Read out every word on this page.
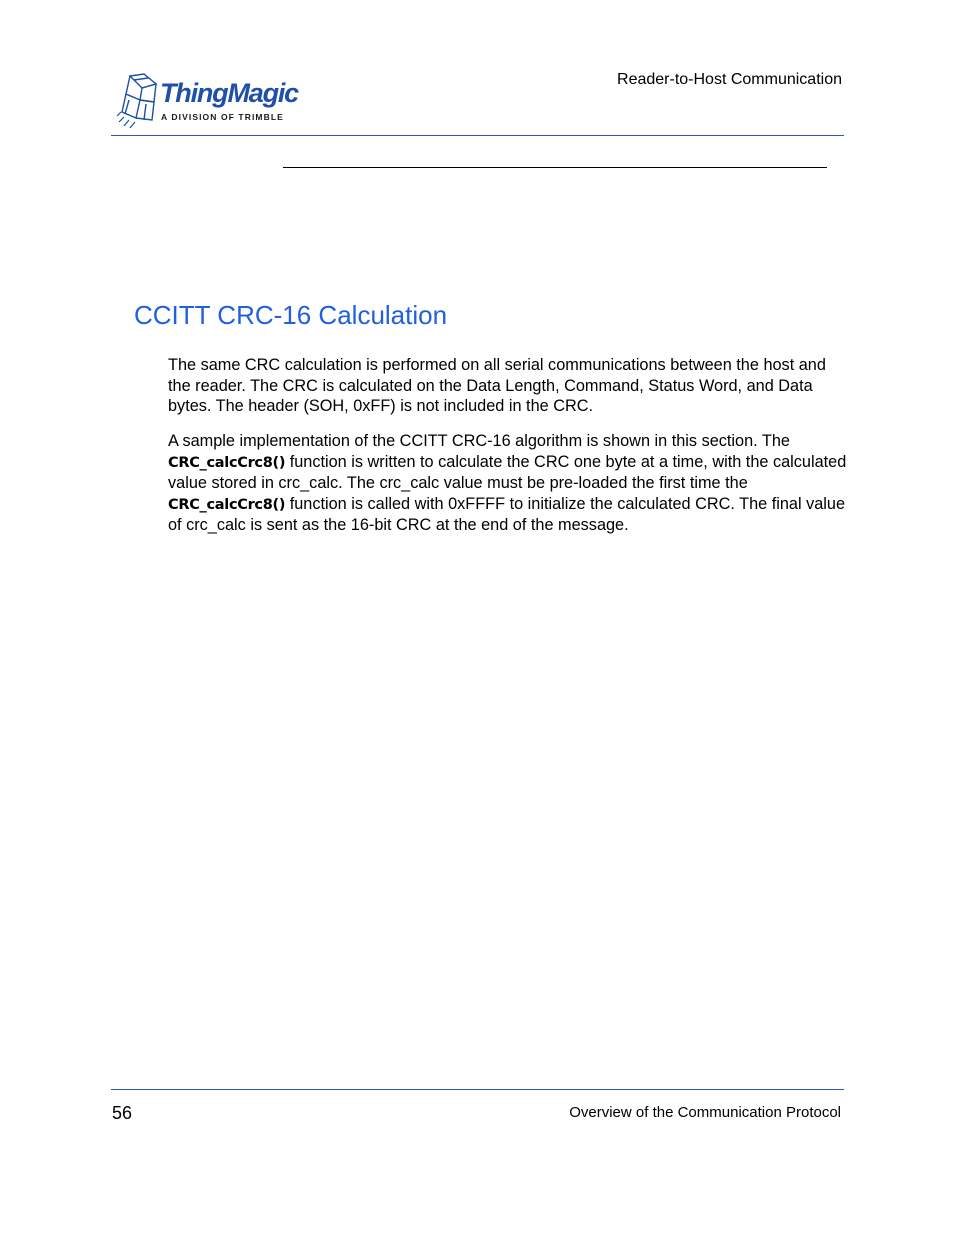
ThingMagic
A DIVISION OF TRIMBLE
Reader-to-Host Communication
CCITT CRC-16 Calculation

The same CRC calculation is performed on all serial communications between the host and the reader. The CRC is calculated on the Data Length, Command, Status Word, and Data bytes. The header (SOH, 0xFF) is not included in the CRC.

A sample implementation of the CCITT CRC-16 algorithm is shown in this section. The CRC_calcCrc8() function is written to calculate the CRC one byte at a time, with the calculated value stored in crc_calc. The crc_calc value must be pre-loaded the first time the CRC_calcCrc8() function is called with 0xFFFF to initialize the calculated CRC. The final value of crc_calc is sent as the 16-bit CRC at the end of the message.

56	Overview of the Communication Protocol
